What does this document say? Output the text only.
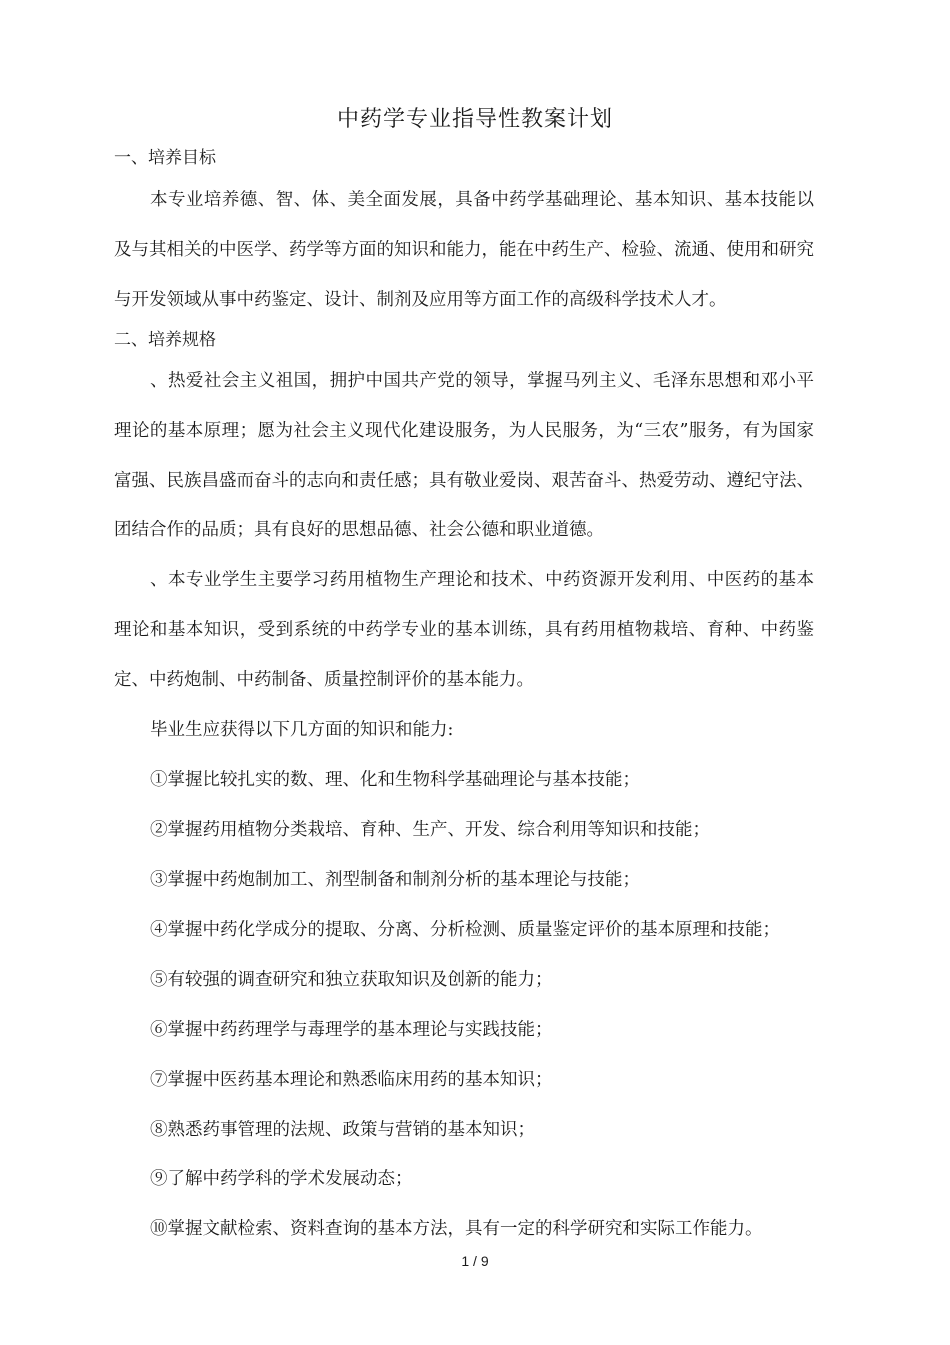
中药学专业指导性教案计划
一、培养目标

本专业培养德、智、体、美全面发展，具备中药学基础理论、基本知识、基本技能以及与其相关的中医学、药学等方面的知识和能力，能在中药生产、检验、流通、使用和研究与开发领域从事中药鉴定、设计、制剂及应用等方面工作的高级科学技术人才。

二、培养规格

、热爱社会主义祖国，拥护中国共产党的领导，掌握马列主义、毛泽东思想和邓小平理论的基本原理；愿为社会主义现代化建设服务，为人民服务，为“三农”服务，有为国家富强、民族昌盛而奋斗的志向和责任感；具有敬业爱岗、艰苦奋斗、热爱劳动、遵纪守法、团结合作的品质；具有良好的思想品德、社会公德和职业道德。

、本专业学生主要学习药用植物生产理论和技术、中药资源开发利用、中医药的基本理论和基本知识，受到系统的中药学专业的基本训练，具有药用植物栽培、育种、中药鉴定、中药炮制、中药制备、质量控制评价的基本能力。

毕业生应获得以下几方面的知识和能力:
①掌握比较扎实的数、理、化和生物科学基础理论与基本技能；
②掌握药用植物分类栽培、育种、生产、开发、综合利用等知识和技能；
③掌握中药炮制加工、剂型制备和制剂分析的基本理论与技能；
④掌握中药化学成分的提取、分离、分析检测、质量鉴定评价的基本原理和技能；
⑤有较强的调查研究和独立获取知识及创新的能力；
⑥掌握中药药理学与毒理学的基本理论与实践技能；
⑦掌握中医药基本理论和熟悉临床用药的基本知识；
⑧熟悉药事管理的法规、政策与营销的基本知识；
⑨了解中药学科的学术发展动态；
⑩掌握文献检索、资料查询的基本方法，具有一定的科学研究和实际工作能力。
1 / 9
